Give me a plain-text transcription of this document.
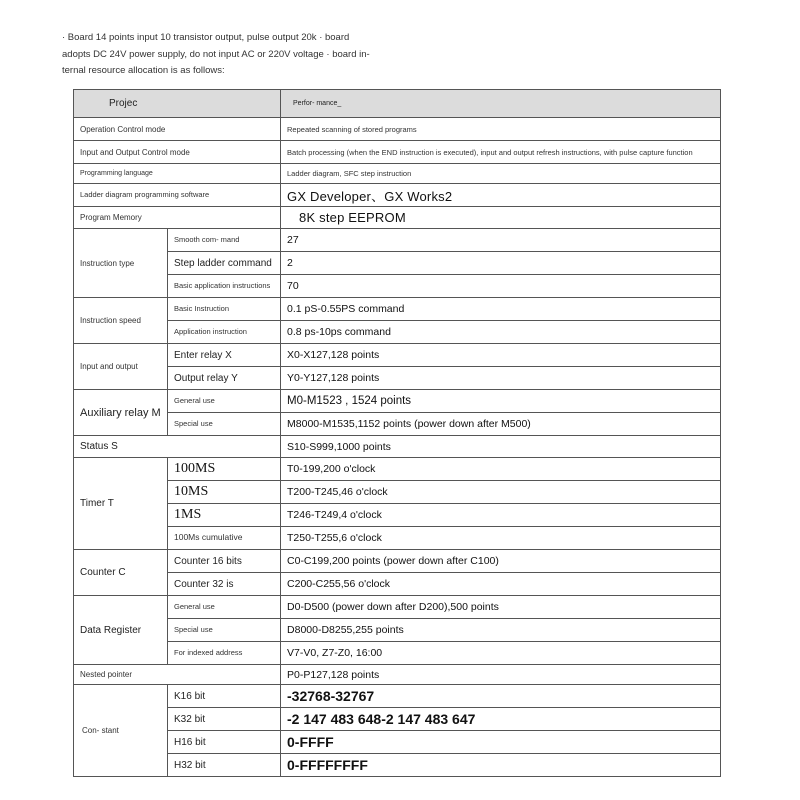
· Board 14 points input 10 transistor output, pulse output 20k · board
adopts DC 24V power supply, do not input AC or 220V voltage · board in-
ternal resource allocation is as follows:

Projec		Perfor- mance_
Operation Control mode		Repeated scanning of stored programs
Input and Output Control mode		Batch processing (when the END instruction is executed), input and output refresh instructions, with pulse capture function
Programming language		Ladder diagram, SFC step instruction
Ladder diagram programming software		GX Developer、GX Works2
Program Memory		8K step EEPROM
Instruction type	Smooth com- mand	27
	Step ladder command	2
	Basic application instructions	70
Instruction speed	Basic Instruction	0.1 pS-0.55PS command
	Application instruction	0.8 ps-10ps command
Input and output	Enter relay X	X0-X127,128 points
	Output relay Y	Y0-Y127,128 points
Auxiliary relay M	General use	M0-M1523 , 1524 points
	Special use	M8000-M1535,1152 points (power down after M500)
Status S		S10-S999,1000 points
Timer T	100MS	T0-199,200 o'clock
	10MS	T200-T245,46 o'clock
	1MS	T246-T249,4 o'clock
	100Ms cumulative	T250-T255,6 o'clock
Counter C	Counter 16 bits	C0-C199,200 points (power down after C100)
	Counter 32 is	C200-C255,56 o'clock
Data Register	General use	D0-D500 (power down after D200),500 points
	Special use	D8000-D8255,255 points
	For indexed address	V7-V0, Z7-Z0, 16:00
Nested pointer		P0-P127,128 points
Con- stant	K16 bit	-32768-32767
	K32 bit	-2 147 483 648-2 147 483 647
	H16 bit	0-FFFF
	H32 bit	0-FFFFFFFF
